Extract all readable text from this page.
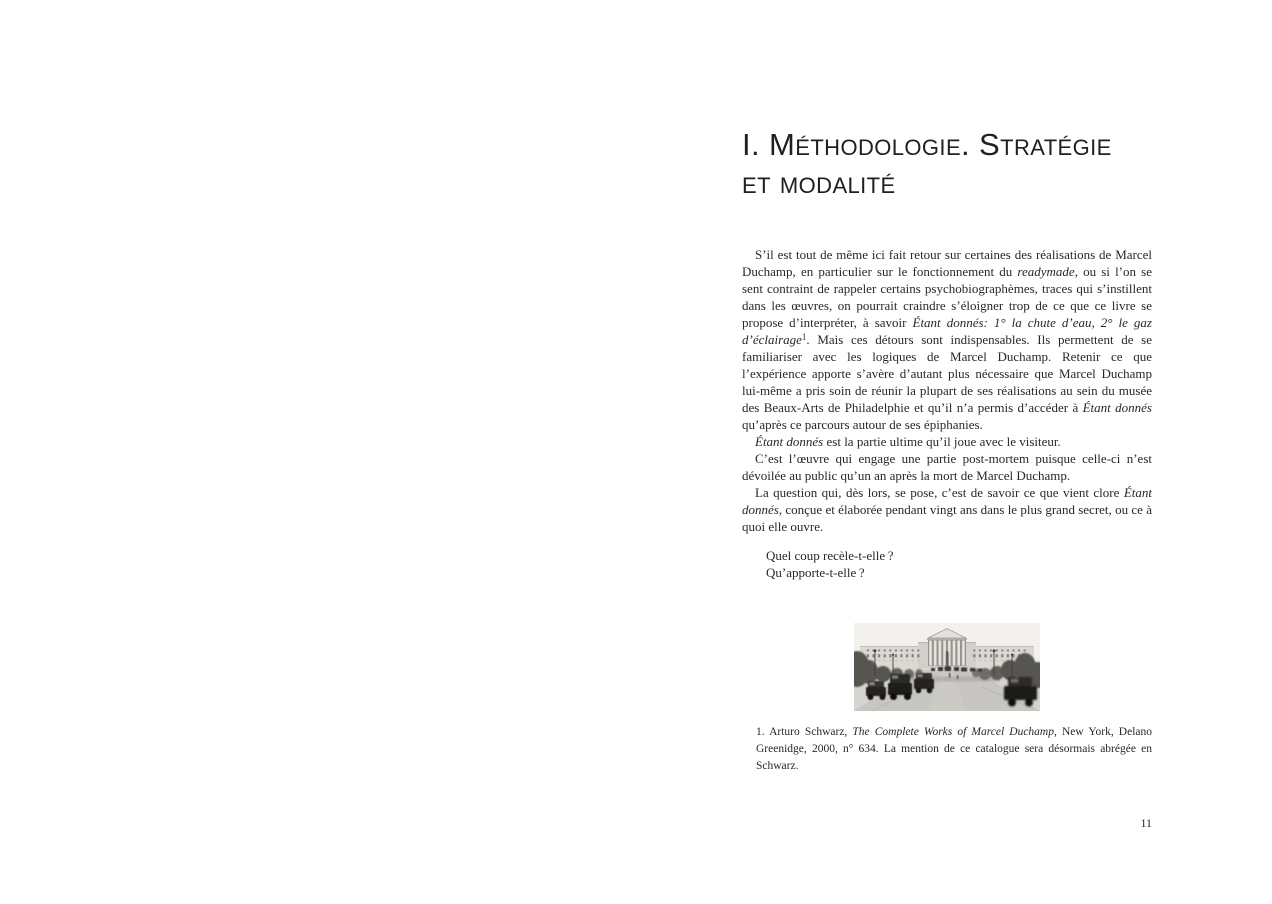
I. Méthodologie. Stratégie
et modalité

S’il est tout de même ici fait retour sur certaines des réalisations de Marcel Duchamp, en particulier sur le fonctionnement du readymade, ou si l’on se sent contraint de rappeler certains psychobiographèmes, traces qui s’instillent dans les œuvres, on pourrait craindre s’éloigner trop de ce que ce livre se propose d’interpréter, à savoir Étant donnés: 1° la chute d’eau, 2° le gaz d’éclairage$^1$. Mais ces détours sont indispensables. Ils permettent de se familiariser avec les logiques de Marcel Duchamp. Retenir ce que l’expérience apporte s’avère d’autant plus nécessaire que Marcel Duchamp lui-même a pris soin de réunir la plupart de ses réalisations au sein du musée des Beaux-Arts de Philadelphie et qu’il n’a permis d’accéder à Étant donnés qu’après ce parcours autour de ses épiphanies.

Étant donnés est la partie ultime qu’il joue avec le visiteur.

C’est l’œuvre qui engage une partie post-mortem puisque celle-ci n’est dévoilée au public qu’un an après la mort de Marcel Duchamp.

La question qui, dès lors, se pose, c’est de savoir ce que vient clore Étant donnés, conçue et élaborée pendant vingt ans dans le plus grand secret, ou ce à quoi elle ouvre.

Quel coup recèle-t-elle ?

Qu’apporte-t-elle ?

1. Arturo Schwarz, The Complete Works of Marcel Duchamp, New York, Delano Greenidge, 2000, n° 634. La mention de ce catalogue sera désormais abrégée en Schwarz.

11
